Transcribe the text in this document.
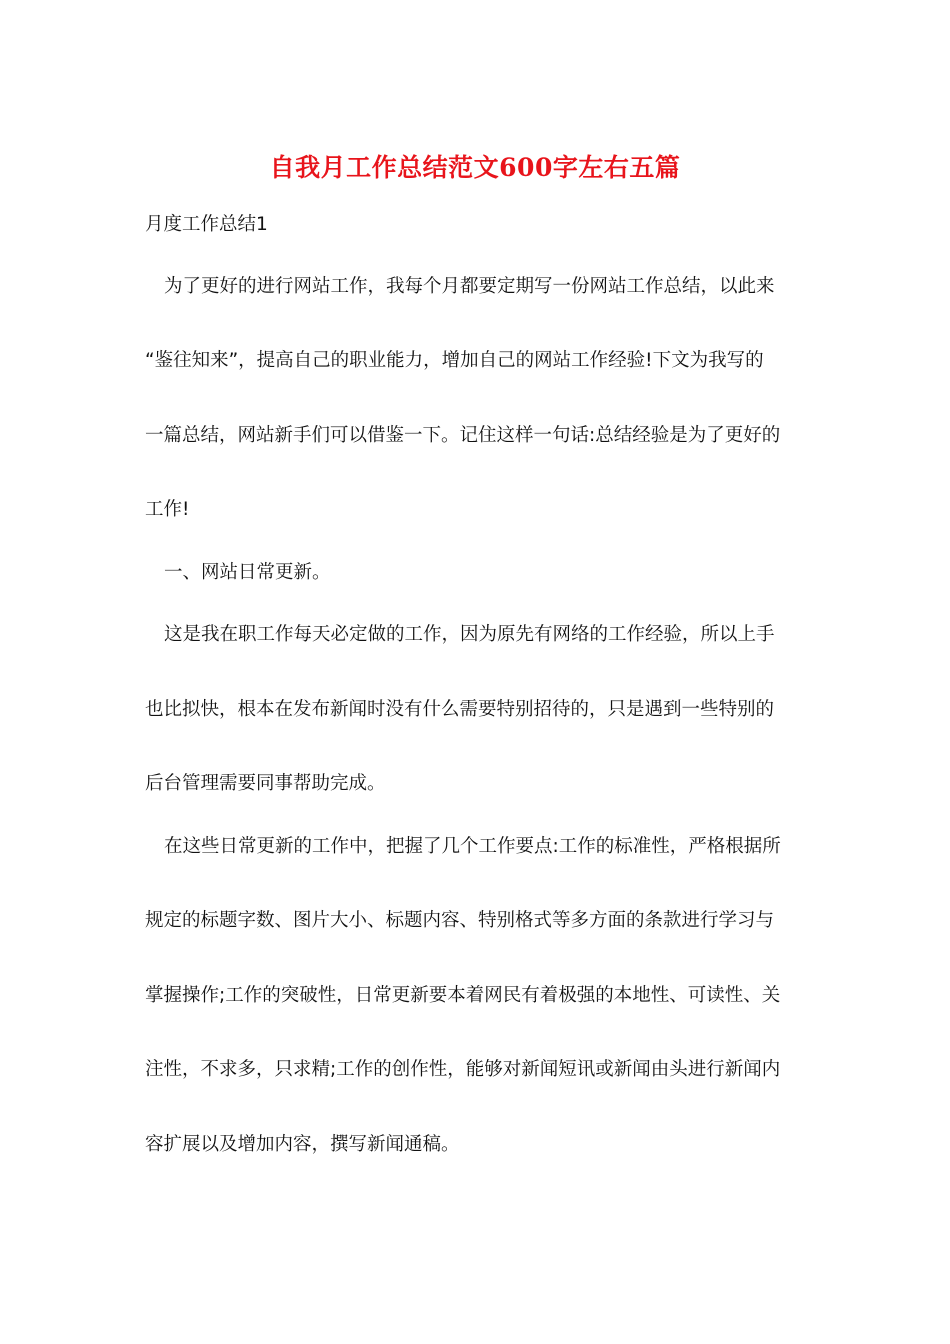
自我月工作总结范文600字左右五篇

月度工作总结1

为了更好的进行网站工作，我每个月都要定期写一份网站工作总结，以此来

“鉴往知来”，提高自己的职业能力，增加自己的网站工作经验!下文为我写的

一篇总结，网站新手们可以借鉴一下。记住这样一句话:总结经验是为了更好的

工作!

一、网站日常更新。

这是我在职工作每天必定做的工作，因为原先有网络的工作经验，所以上手

也比拟快，根本在发布新闻时没有什么需要特别招待的，只是遇到一些特别的

后台管理需要同事帮助完成。

在这些日常更新的工作中，把握了几个工作要点:工作的标准性，严格根据所

规定的标题字数、图片大小、标题内容、特别格式等多方面的条款进行学习与

掌握操作;工作的突破性，日常更新要本着网民有着极强的本地性、可读性、关

注性，不求多，只求精;工作的创作性，能够对新闻短讯或新闻由头进行新闻内

容扩展以及增加内容，撰写新闻通稿。
